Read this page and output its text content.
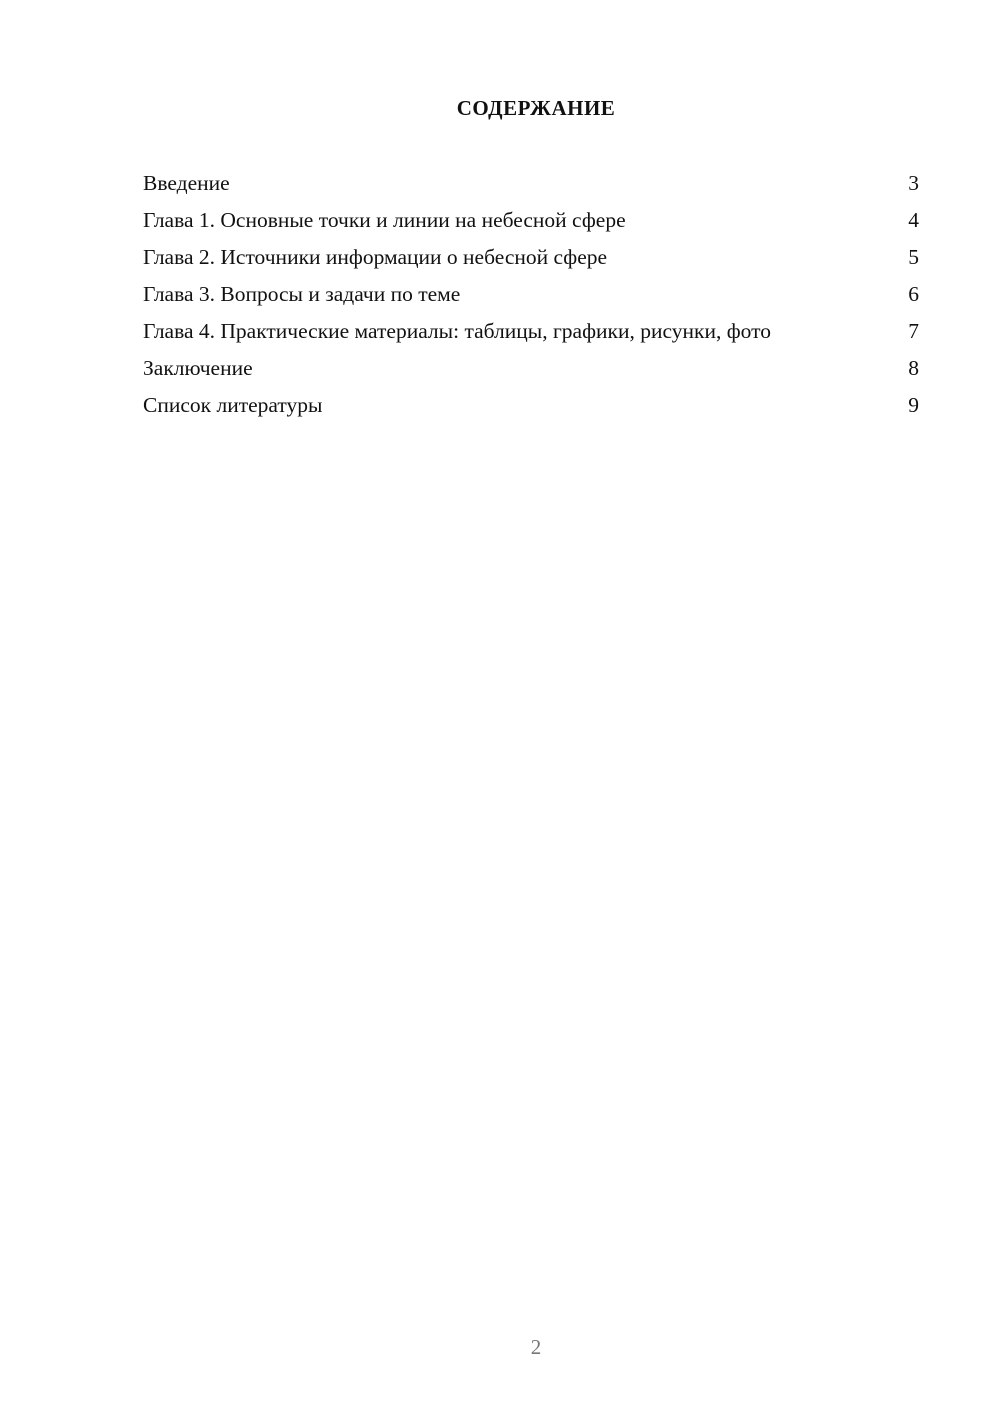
СОДЕРЖАНИЕ
Введение	3
Глава 1. Основные точки и линии на небесной сфере	4
Глава 2. Источники информации о небесной сфере	5
Глава 3. Вопросы и задачи по теме	6
Глава 4. Практические материалы: таблицы, графики, рисунки, фото	7
Заключение	8
Список литературы	9
2
